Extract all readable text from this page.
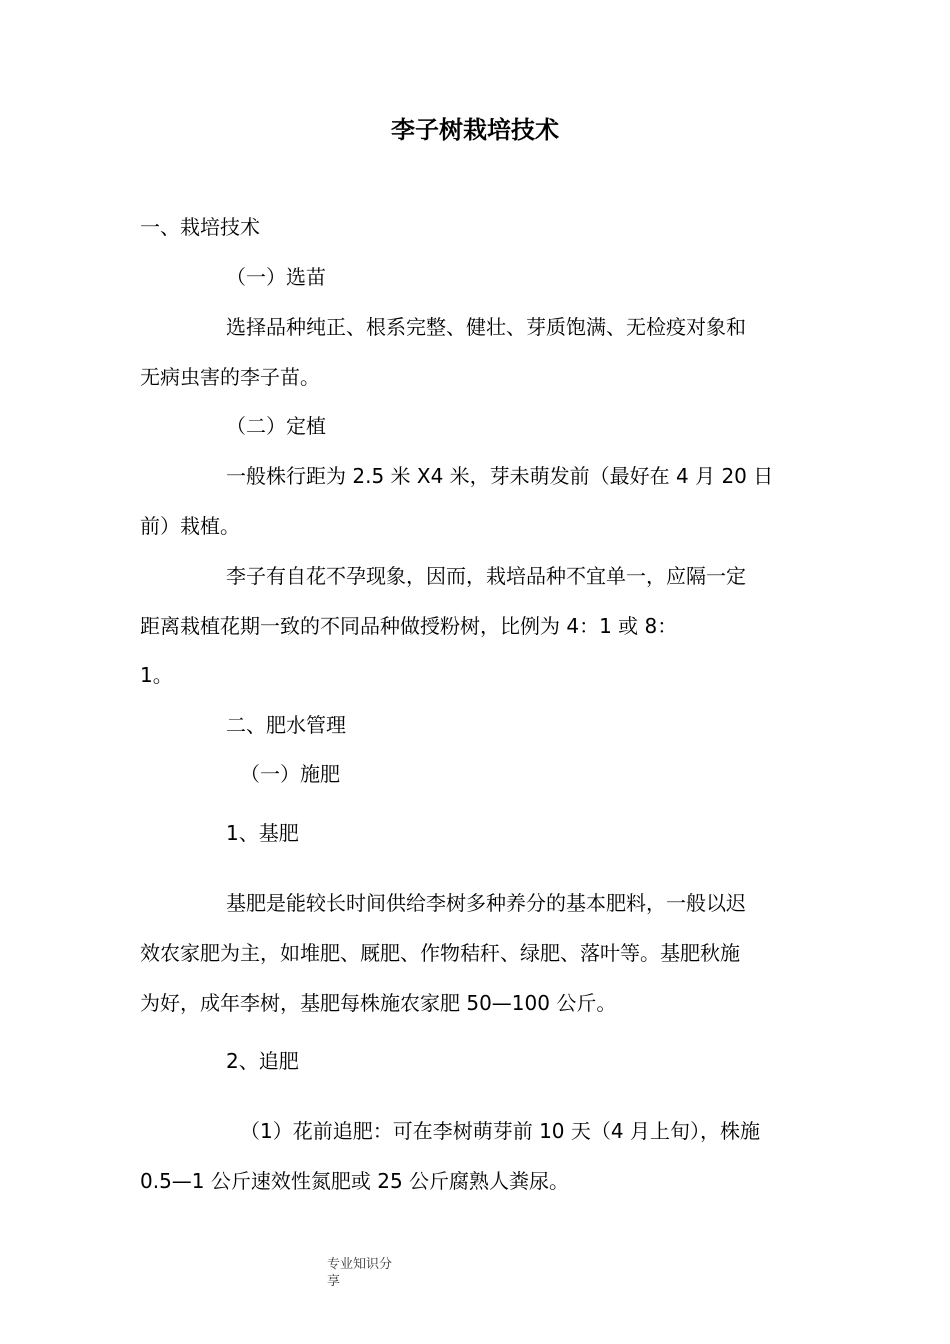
李子树栽培技术

一、栽培技术

（一）选苗

选择品种纯正、根系完整、健壮、芽质饱满、无检疫对象和

无病虫害的李子苗。

（二）定植

一般株行距为 2.5 米 X4 米，芽未萌发前（最好在 4 月 20 日

前）栽植。

李子有自花不孕现象，因而，栽培品种不宜单一，应隔一定

距离栽植花期一致的不同品种做授粉树，比例为 4：1 或 8：

1。

二、肥水管理

（一）施肥

1、基肥

基肥是能较长时间供给李树多种养分的基本肥料，一般以迟

效农家肥为主，如堆肥、厩肥、作物秸秆、绿肥、落叶等。基肥秋施

为好，成年李树，基肥每株施农家肥 50—100 公斤。

2、追肥

（1）花前追肥：可在李树萌芽前 10 天（4 月上旬），株施

0.5—1 公斤速效性氮肥或 25 公斤腐熟人粪尿。

专业知识分
享
